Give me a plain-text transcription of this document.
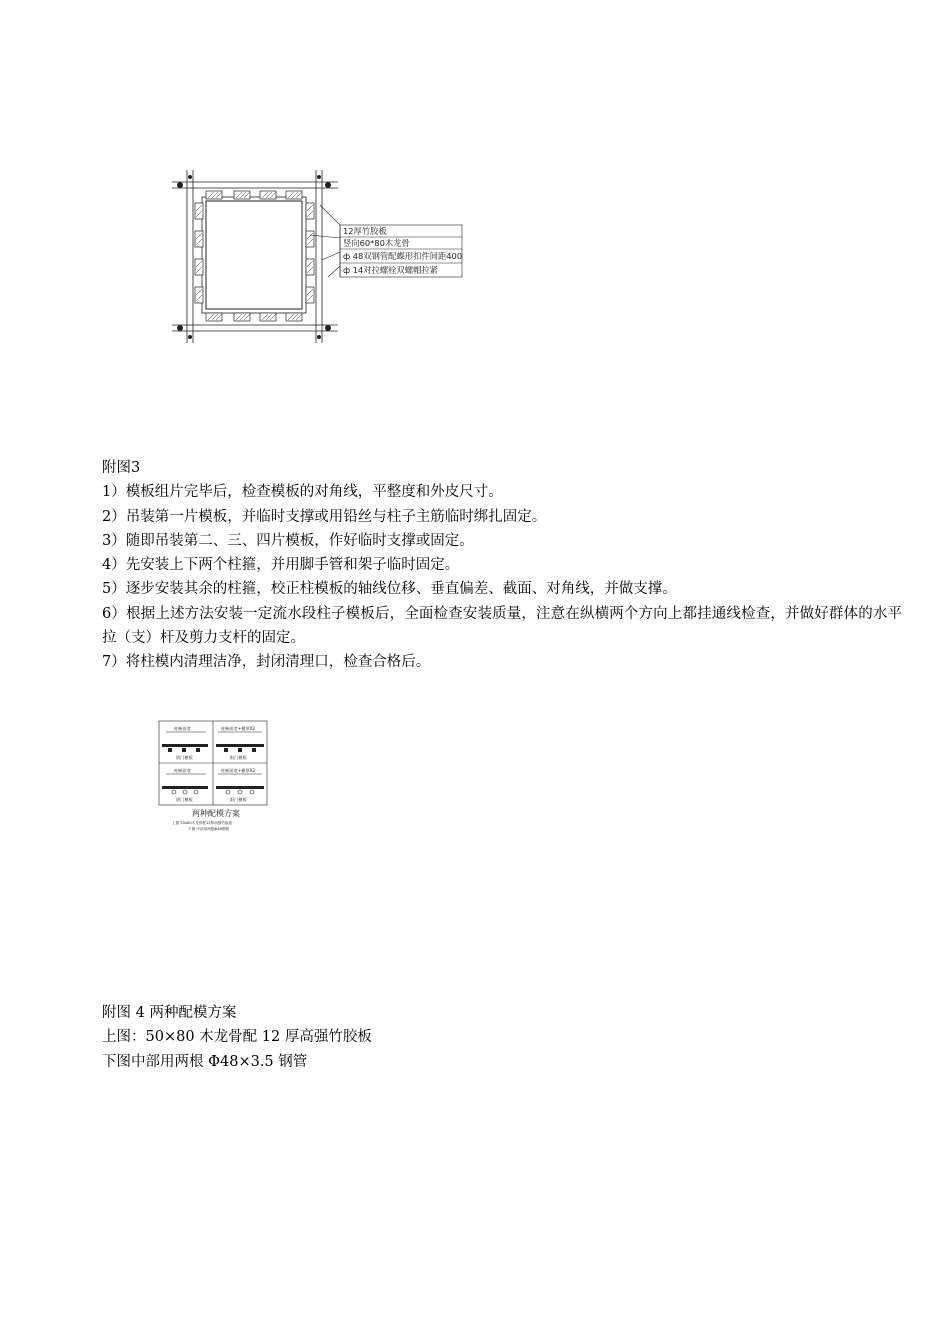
12厚竹胶板
竖向60*80木龙骨
ф 48双钢管配蝶形扣件间距400
ф 14对拉螺栓双螺帽拉紧
附图3
1）模板组片完毕后，检查模板的对角线，平整度和外皮尺寸。
2）吊装第一片模板，并临时支撑或用铅丝与柱子主筋临时绑扎固定。
3）随即吊装第二、三、四片模板，作好临时支撑或固定。
4）先安装上下两个柱箍，并用脚手管和架子临时固定。
5）逐步安装其余的柱箍，校正柱模板的轴线位移、垂直偏差、截面、对角线，并做支撑。
6）根据上述方法安装一定流水段柱子模板后，全面检查安装质量，注意在纵横两个方向上都挂通线检查，并做好群体的水平拉（支）杆及剪力支杆的固定。
7）将柱模内清理洁净，封闭清理口，检查合格后。
柱断面宽	柱断面宽+模厚X2
阴门模板	阳门模板
柱断面宽	柱断面宽+模厚X2
阴门模板	阳门模板
两种配模方案
上图 50x80木龙骨配12厚高强竹胶板
下图 中部用两根ф48钢管
附图 4 两种配模方案
上图：50×80 木龙骨配 12 厚高强竹胶板
下图中部用两根 Φ48×3.5 钢管
